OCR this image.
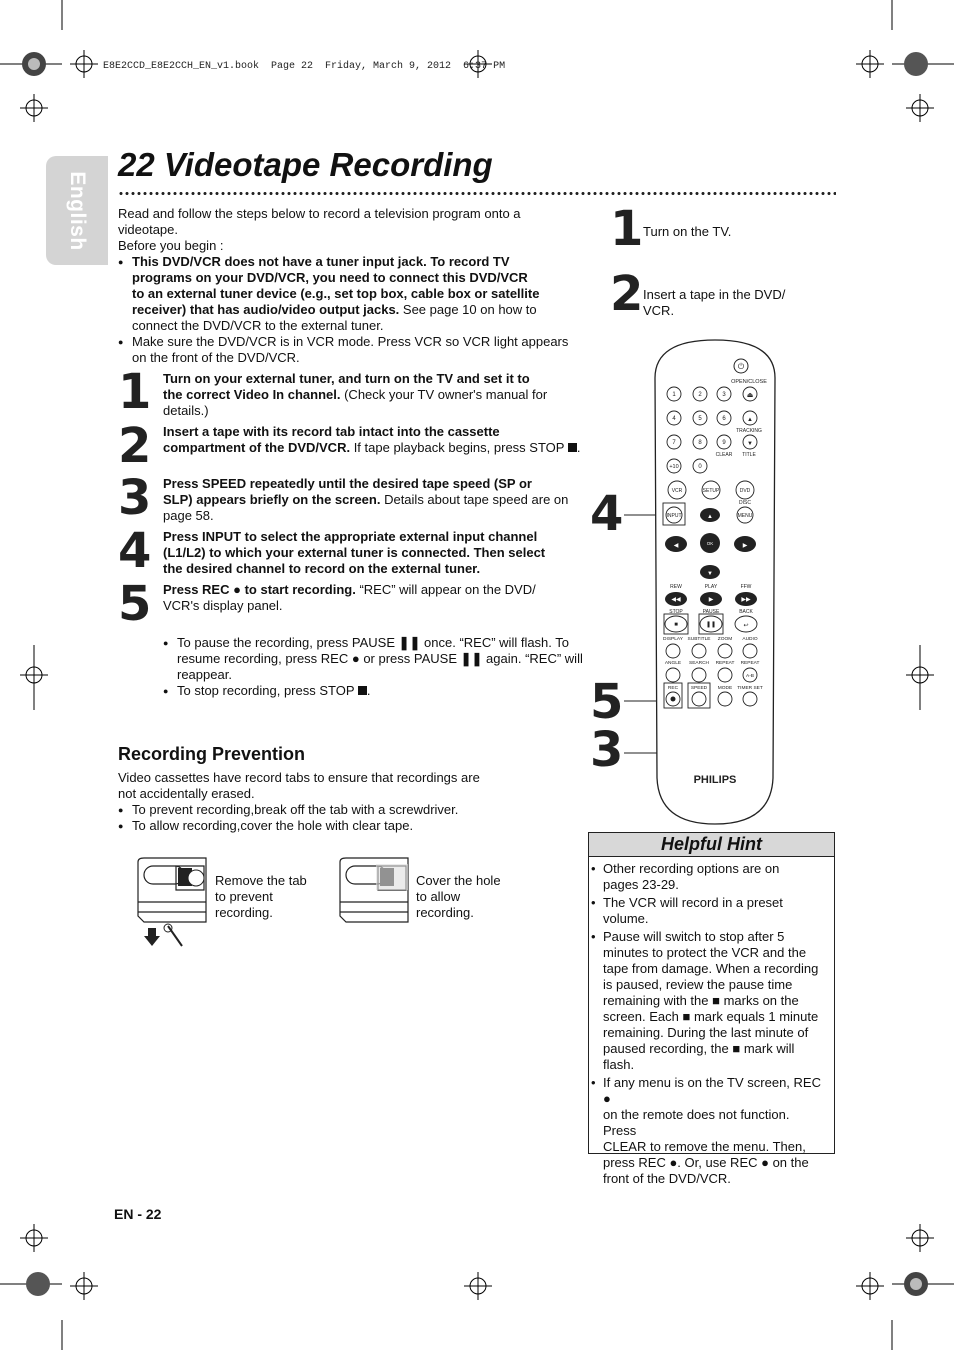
E8E2CCD_E8E2CCH_EN_v1.book  Page 22  Friday, March 9, 2012  6:37 PM
English
22 Videotape Recording
Read and follow the steps below to record a television program onto a
videotape.
Before you begin :
● This DVD/VCR does not have a tuner input jack. To record TV
programs on your DVD/VCR, you need to connect this DVD/VCR
to an external tuner device (e.g., set top box, cable box or satellite
receiver) that has audio/video output jacks. See page 10 on how to
connect the DVD/VCR to the external tuner.
● Make sure the DVD/VCR is in VCR mode. Press VCR so VCR light appears
on the front of the DVD/VCR.
1 Turn on your external tuner, and turn on the TV and set it to
the correct Video In channel. (Check your TV owner's manual for
details.)
2 Insert a tape with its record tab intact into the cassette
compartment of the DVD/VCR. If tape playback begins, press STOP .
3 Press SPEED repeatedly until the desired tape speed (SP or
SLP) appears briefly on the screen. Details about tape speed are on
page 58.
4 Press INPUT to select the appropriate external input channel
(L1/L2) to which your external tuner is connected. Then select
the desired channel to record on the external tuner.
5 Press REC ● to start recording. “REC” will appear on the DVD/
VCR's display panel.
● To pause the recording, press PAUSE ❚❚ once. “REC” will flash. To
resume recording, press REC ● or press PAUSE ❚❚ again. “REC” will
reappear.
● To stop recording, press STOP .
Recording Prevention
Video cassettes have record tabs to ensure that recordings are
not accidentally erased.
● To prevent recording,break off the tab with a screwdriver.
● To allow recording,cover the hole with clear tape.
Remove the tab
to prevent
recording.
Cover the hole
to allow
recording.
1 Turn on the TV.
2 Insert a tape in the DVD/
VCR.
4
5
3
⏻
OPEN/CLOSE
1	2	3	⏏
4	5	6	▲
TRACKING
7	8	9	▼
CLEAR TITLE
+10	0
VCR	SETUP	DVD
DISC
INPUT	MENU
▲
▼
◀	▶
OK
◀◀	▶	▶▶
REW	PLAY	FFW
STOP	PAUSE	BACK
■	❚❚	↩
DISPLAY SUBTITLE ZOOM AUDIO
ANGLE SEARCH REPEAT REPEAT
A-B
REC	SPEED MODE TIMER SET
PHILIPS
Helpful Hint
• Other recording options are on
pages 23-29.
• The VCR will record in a preset
volume.
• Pause will switch to stop after 5
minutes to protect the VCR and the
tape from damage. When a recording
is paused, review the pause time
remaining with the ■ marks on the
screen. Each ■ mark equals 1 minute
remaining. During the last minute of
paused recording, the ■ mark will
flash.
• If any menu is on the TV screen, REC ●
on the remote does not function. Press
CLEAR to remove the menu. Then,
press REC ●. Or, use REC ● on the
front of the DVD/VCR.
EN - 22
